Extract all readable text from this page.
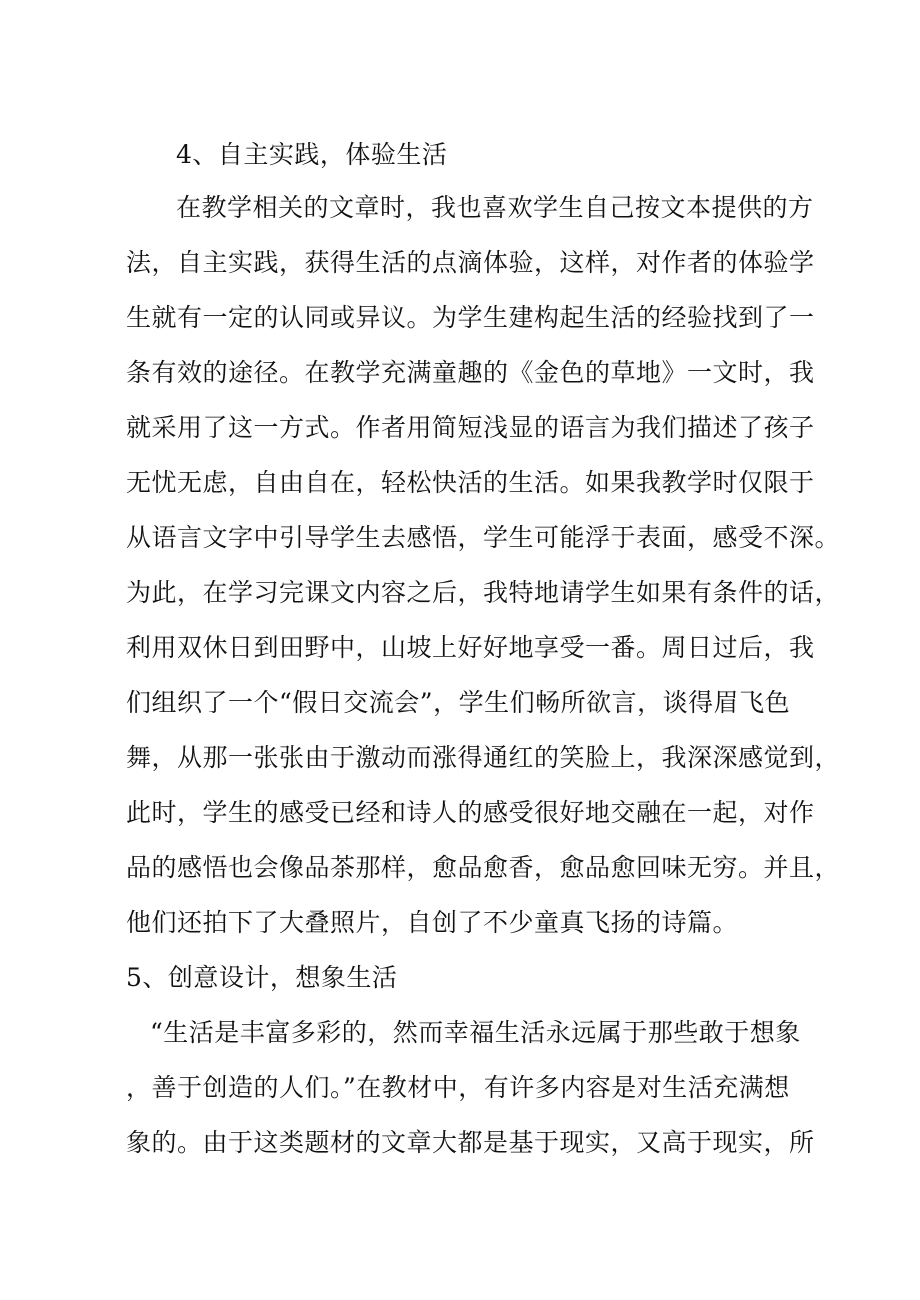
4、自主实践，体验生活
在教学相关的文章时，我也喜欢学生自己按文本提供的方
法，自主实践，获得生活的点滴体验，这样，对作者的体验学
生就有一定的认同或异议。为学生建构起生活的经验找到了一
条有效的途径。在教学充满童趣的《金色的草地》一文时，我
就采用了这一方式。作者用简短浅显的语言为我们描述了孩子
无忧无虑，自由自在，轻松快活的生活。如果我教学时仅限于
从语言文字中引导学生去感悟，学生可能浮于表面，感受不深。
为此，在学习完课文内容之后，我特地请学生如果有条件的话，
利用双休日到田野中，山坡上好好地享受一番。周日过后，我
们组织了一个“假日交流会”，学生们畅所欲言，谈得眉飞色
舞，从那一张张由于激动而涨得通红的笑脸上，我深深感觉到，
此时，学生的感受已经和诗人的感受很好地交融在一起，对作
品的感悟也会像品茶那样，愈品愈香，愈品愈回味无穷。并且，
他们还拍下了大叠照片，自创了不少童真飞扬的诗篇。
5、创意设计，想象生活
“生活是丰富多彩的，然而幸福生活永远属于那些敢于想象
，善于创造的人们。”在教材中，有许多内容是对生活充满想
象的。由于这类题材的文章大都是基于现实，又高于现实，所
